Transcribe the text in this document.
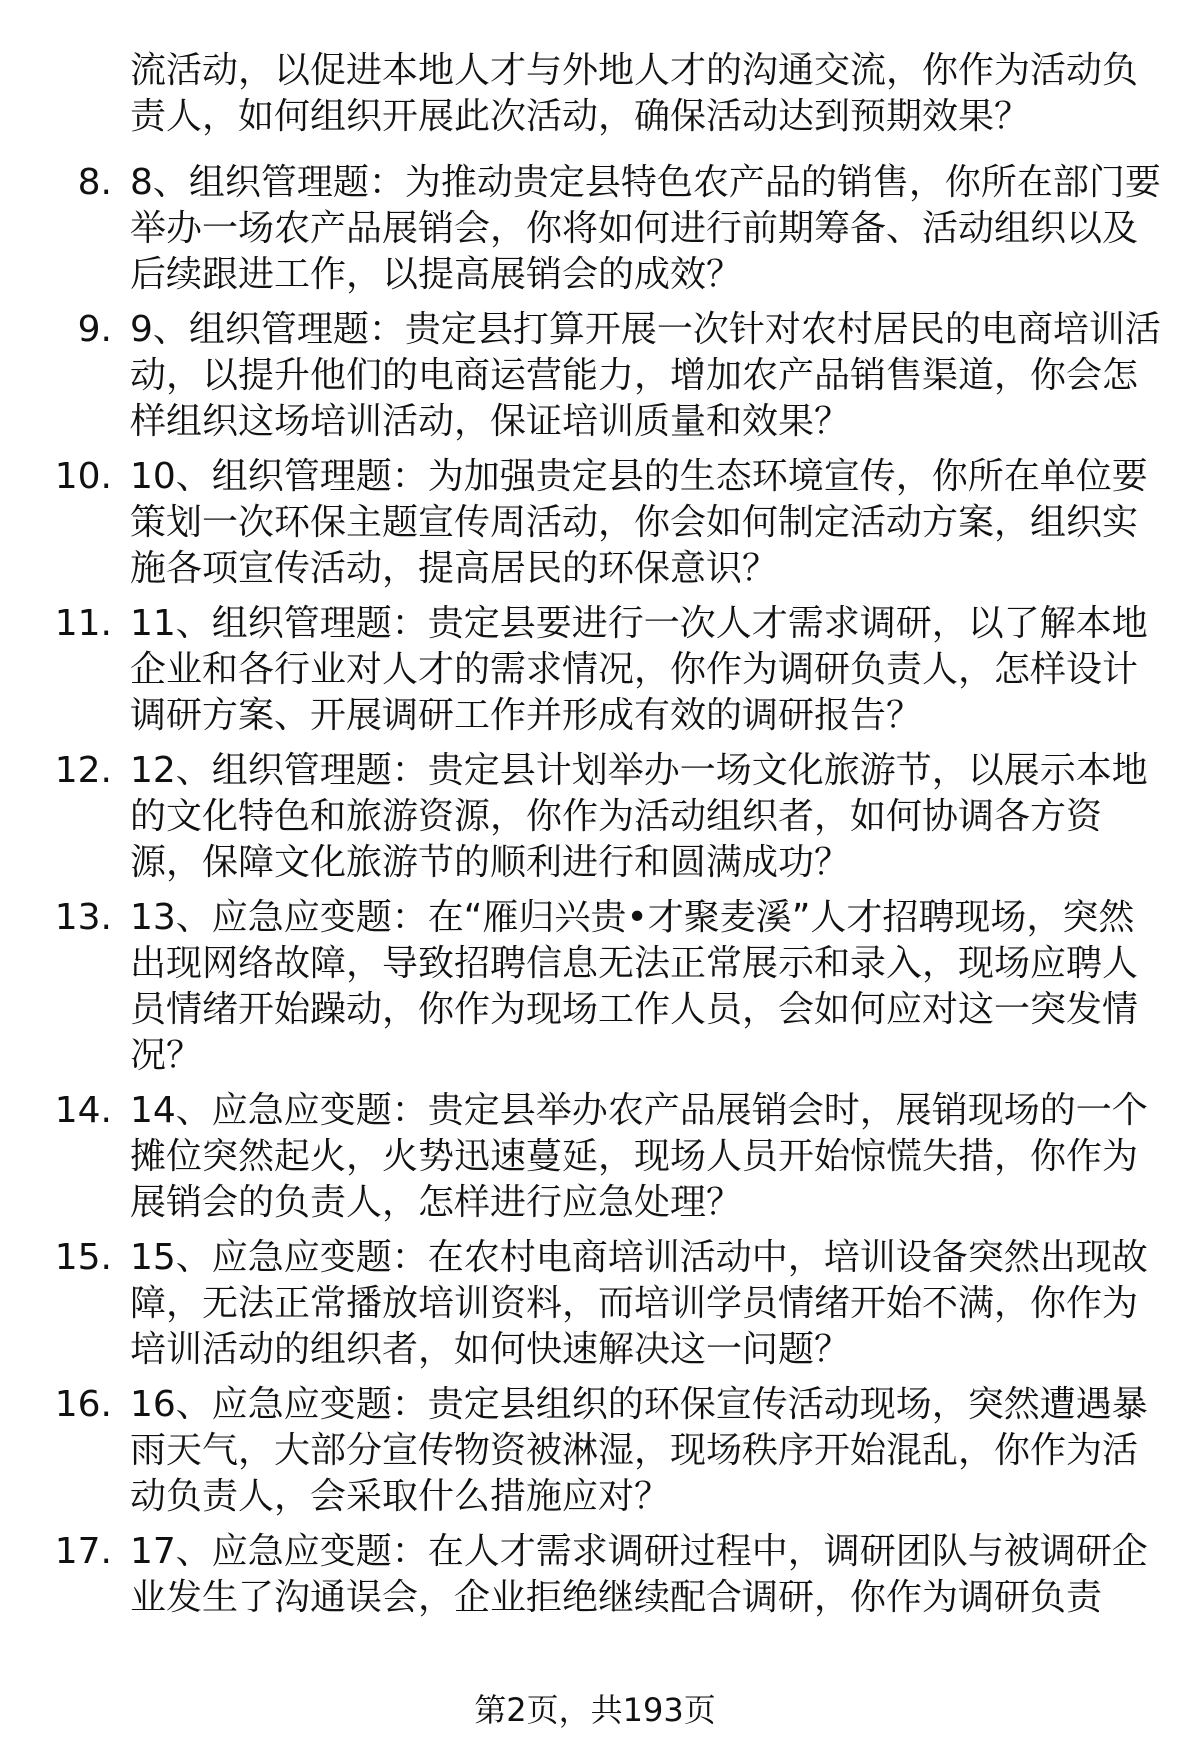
流活动，以促进本地人才与外地人才的沟通交流，你作为活动负责人，如何组织开展此次活动，确保活动达到预期效果？
8. 8、组织管理题：为推动贵定县特色农产品的销售，你所在部门要举办一场农产品展销会，你将如何进行前期筹备、活动组织以及后续跟进工作，以提高展销会的成效？
9. 9、组织管理题：贵定县打算开展一次针对农村居民的电商培训活动，以提升他们的电商运营能力，增加农产品销售渠道，你会怎样组织这场培训活动，保证培训质量和效果？
10. 10、组织管理题：为加强贵定县的生态环境宣传，你所在单位要策划一次环保主题宣传周活动，你会如何制定活动方案，组织实施各项宣传活动，提高居民的环保意识？
11. 11、组织管理题：贵定县要进行一次人才需求调研，以了解本地企业和各行业对人才的需求情况，你作为调研负责人，怎样设计调研方案、开展调研工作并形成有效的调研报告？
12. 12、组织管理题：贵定县计划举办一场文化旅游节，以展示本地的文化特色和旅游资源，你作为活动组织者，如何协调各方资源，保障文化旅游节的顺利进行和圆满成功？
13. 13、应急应变题：在“雁归兴贵•才聚麦溪”人才招聘现场，突然出现网络故障，导致招聘信息无法正常展示和录入，现场应聘人员情绪开始躁动，你作为现场工作人员，会如何应对这一突发情况？
14. 14、应急应变题：贵定县举办农产品展销会时，展销现场的一个摊位突然起火，火势迅速蔓延，现场人员开始惊慌失措，你作为展销会的负责人，怎样进行应急处理？
15. 15、应急应变题：在农村电商培训活动中，培训设备突然出现故障，无法正常播放培训资料，而培训学员情绪开始不满，你作为培训活动的组织者，如何快速解决这一问题？
16. 16、应急应变题：贵定县组织的环保宣传活动现场，突然遭遇暴雨天气，大部分宣传物资被淋湿，现场秩序开始混乱，你作为活动负责人，会采取什么措施应对？
17. 17、应急应变题：在人才需求调研过程中，调研团队与被调研企业发生了沟通误会，企业拒绝继续配合调研，你作为调研负责
第2页，共193页
